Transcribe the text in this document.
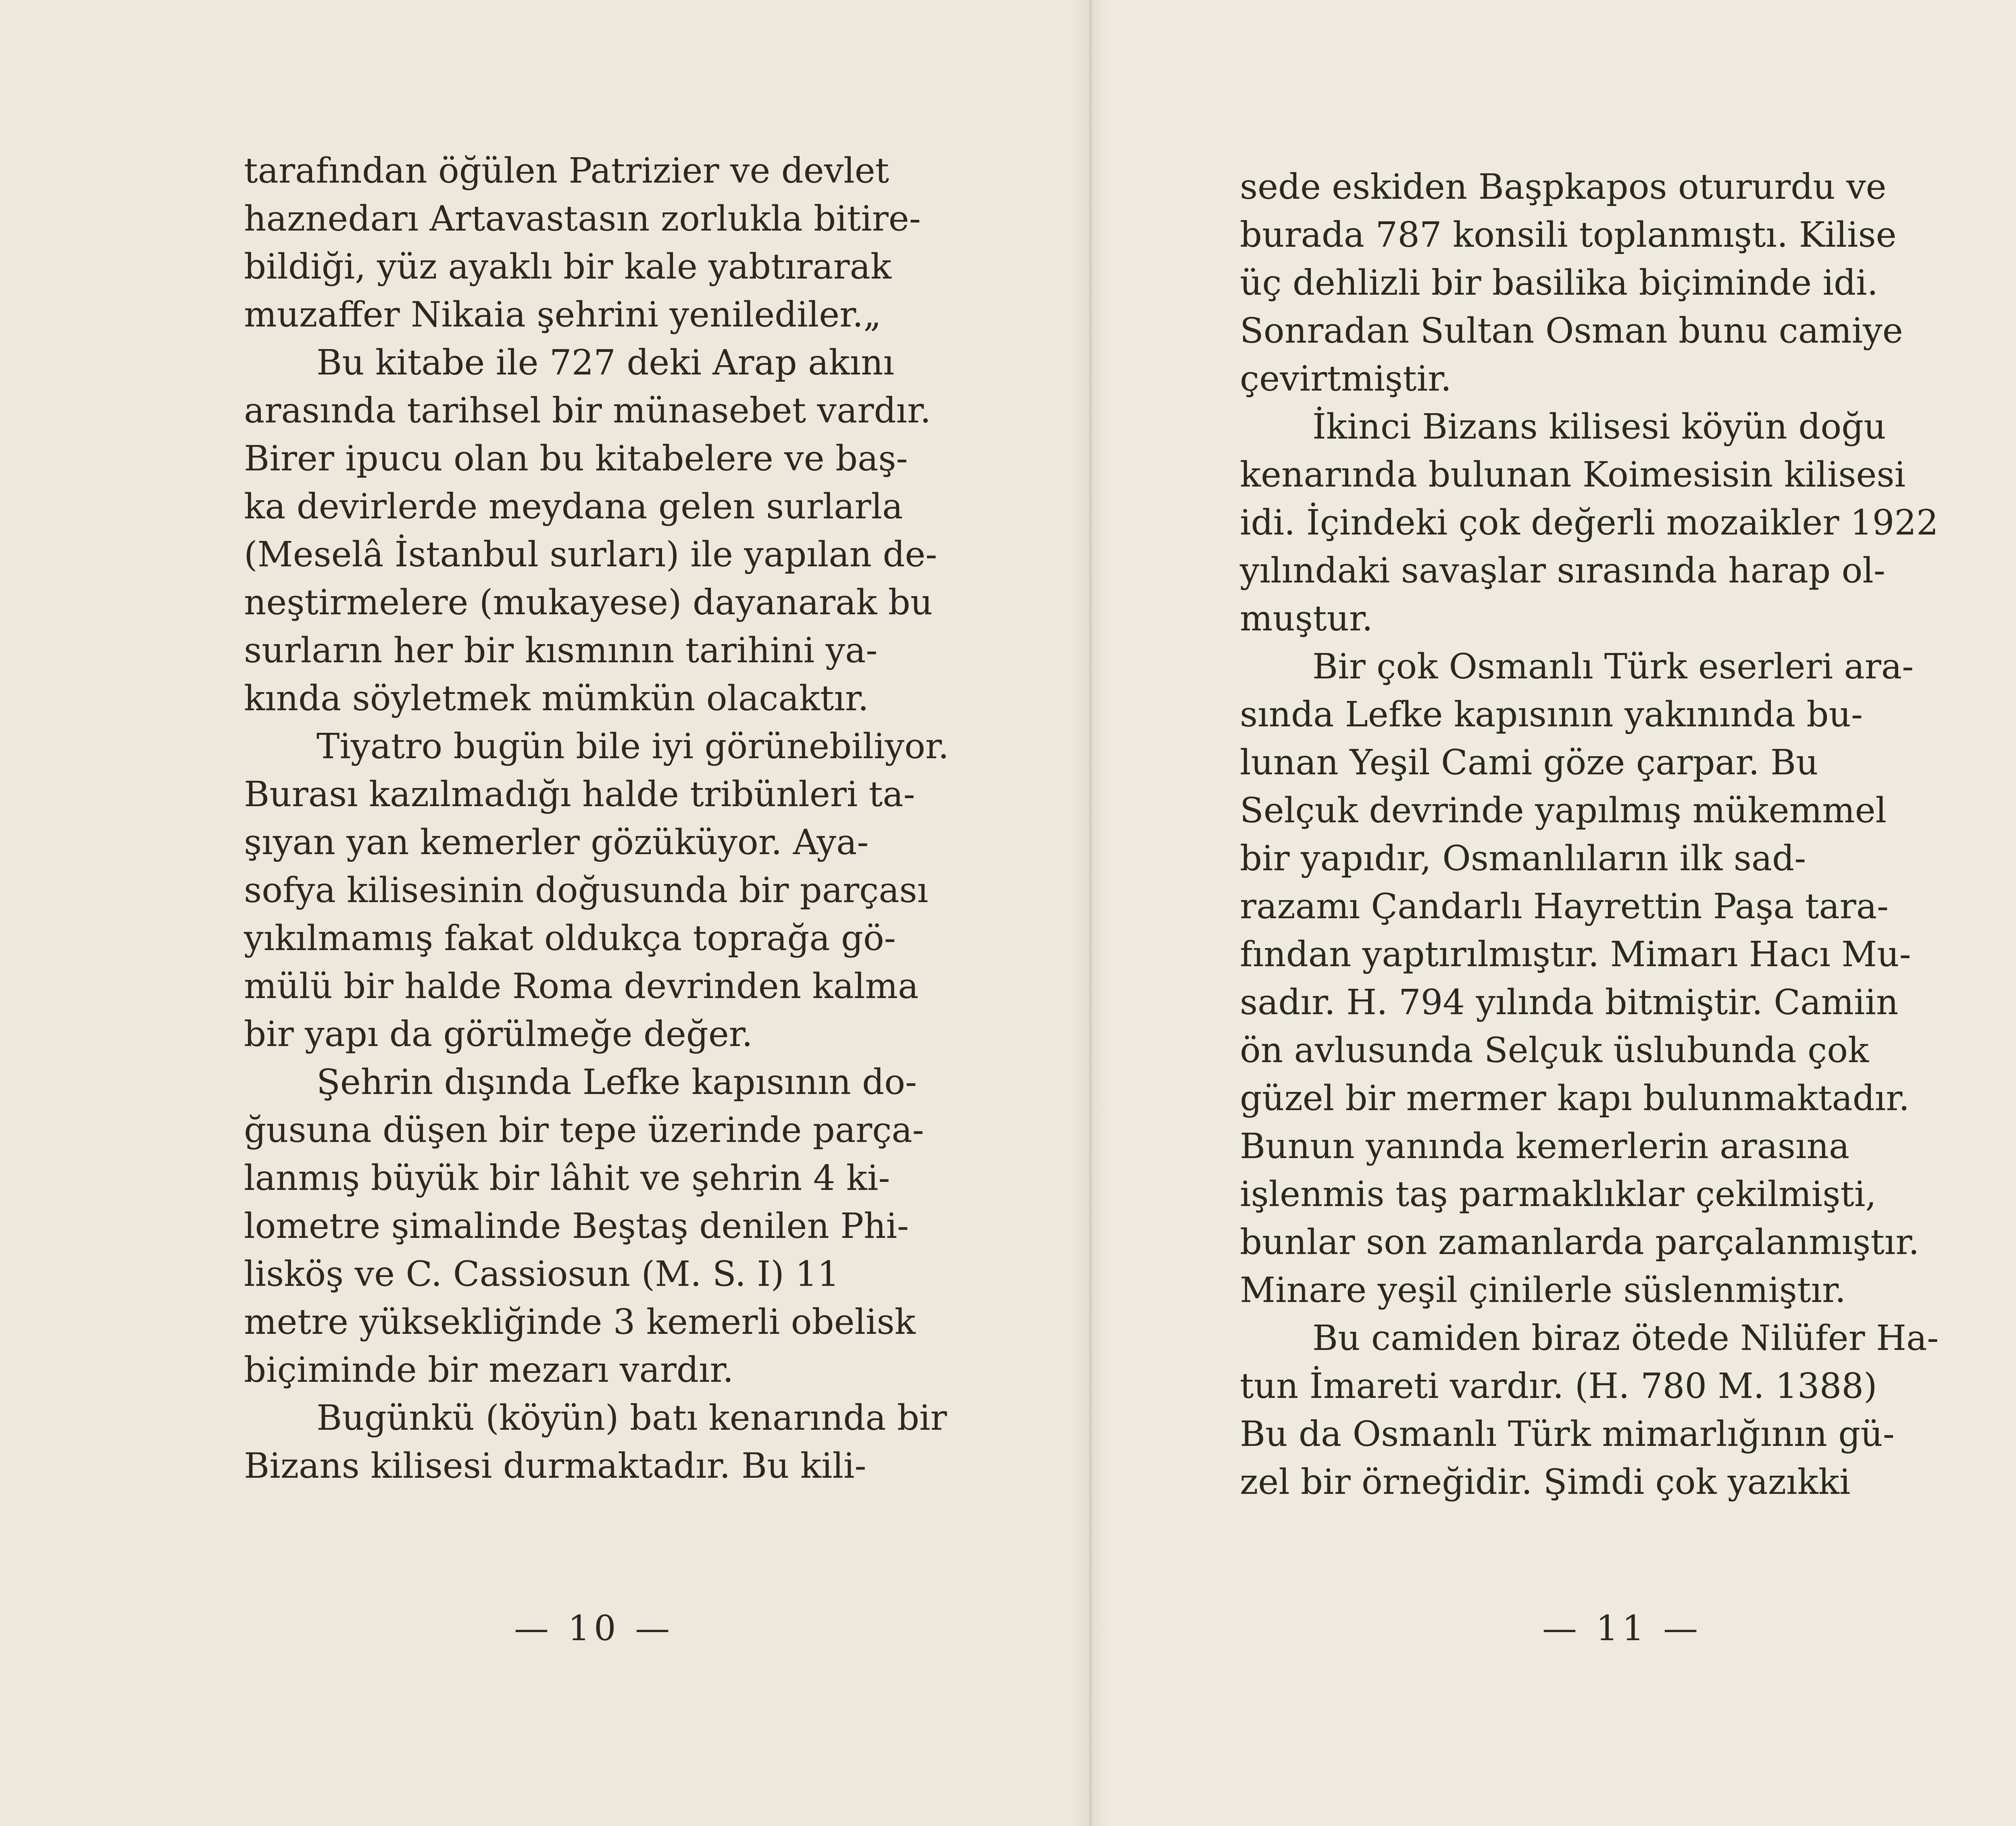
tarafından öğülen Patrizier ve devlet
haznedarı Artavastasın zorlukla bitire-
bildiği, yüz ayaklı bir kale yabtırarak
muzaffer Nikaia şehrini yenilediler.„

Bu kitabe ile 727 deki Arap akını
arasında tarihsel bir münasebet vardır.
Birer ipucu olan bu kitabelere ve baş-
ka devirlerde meydana gelen surlarla
(Meselâ İstanbul surları) ile yapılan de-
neştirmelere (mukayese) dayanarak bu
surların her bir kısmının tarihini ya-
kında söyletmek mümkün olacaktır.

Tiyatro bugün bile iyi görünebiliyor.
Burası kazılmadığı halde tribünleri ta-
şıyan yan kemerler gözüküyor. Aya-
sofya kilisesinin doğusunda bir parçası
yıkılmamış fakat oldukça toprağa gö-
mülü bir halde Roma devrinden kalma
bir yapı da görülmeğe değer.

Şehrin dışında Lefke kapısının do-
ğusuna düşen bir tepe üzerinde parça-
lanmış büyük bir lâhit ve şehrin 4 ki-
lometre şimalinde Beştaş denilen Phi-
lisköş ve C. Cassiosun (M. S. I) 11
metre yüksekliğinde 3 kemerli obelisk
biçiminde bir mezarı vardır.

Bugünkü (köyün) batı kenarında bir
Bizans kilisesi durmaktadır. Bu kili-

— 10 —

sede eskiden Başpkapos otururdu ve
burada 787 konsili toplanmıştı. Kilise
üç dehlizli bir basilika biçiminde idi.
Sonradan Sultan Osman bunu camiye
çevirtmiştir.

İkinci Bizans kilisesi köyün doğu
kenarında bulunan Koimesisin kilisesi
idi. İçindeki çok değerli mozaikler 1922
yılındaki savaşlar sırasında harap ol-
muştur.

Bir çok Osmanlı Türk eserleri ara-
sında Lefke kapısının yakınında bu-
lunan Yeşil Cami göze çarpar. Bu
Selçuk devrinde yapılmış mükemmel
bir yapıdır, Osmanlıların ilk sad-
razamı Çandarlı Hayrettin Paşa tara-
fından yaptırılmıştır. Mimarı Hacı Mu-
sadır. H. 794 yılında bitmiştir. Camiin
ön avlusunda Selçuk üslubunda çok
güzel bir mermer kapı bulunmaktadır.
Bunun yanında kemerlerin arasına
işlenmis taş parmaklıklar çekilmişti,
bunlar son zamanlarda parçalanmıştır.
Minare yeşil çinilerle süslenmiştır.

Bu camiden biraz ötede Nilüfer Ha-
tun İmareti vardır. (H. 780 M. 1388)
Bu da Osmanlı Türk mimarlığının gü-
zel bir örneğidir. Şimdi çok yazıkki

— 11 —
